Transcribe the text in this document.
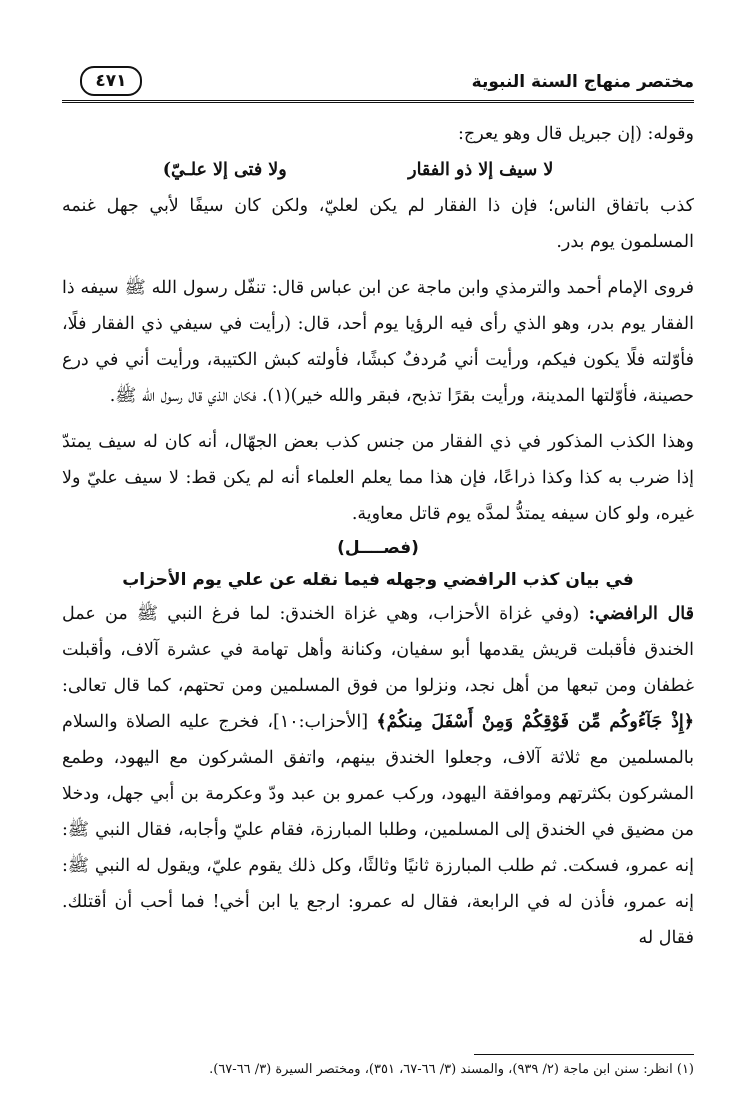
مختصر منهاج السنة النبوية
٤٧١

وقوله: (إن جبريل قال وهو يعرج:

لا سيف إلا ذو الفقار
ولا فتى إلا علـيّ)

كذب باتفاق الناس؛ فإن ذا الفقار لم يكن لعليّ، ولكن كان سيفًا لأبي جهل غنمه المسلمون يوم بدر.

فروى الإمام أحمد والترمذي وابن ماجة عن ابن عباس قال: تنفّل رسول الله ﷺ سيفه ذا الفقار يوم بدر، وهو الذي رأى فيه الرؤيا يوم أحد، قال: (رأيت في سيفي ذي الفقار فلًا، فأوّلته فلًا يكون فيكم، ورأيت أني مُردفٌ كبشًا، فأولته كبش الكتيبة، ورأيت أني في درع حصينة، فأوّلتها المدينة، ورأيت بقرًا تذبح، فبقر والله خير)(١). فكان الذي قال رسول الله ﷺ.

وهذا الكذب المذكور في ذي الفقار من جنس كذب بعض الجهّال، أنه كان له سيف يمتدّ إذا ضرب به كذا وكذا ذراعًا، فإن هذا مما يعلم العلماء أنه لم يكن قط: لا سيف عليّ ولا غيره، ولو كان سيفه يمتدُّ لمدَّه يوم قاتل معاوية.

(فصــــل)
في بيان كذب الرافضي وجهله فيما نقله عن علي يوم الأحزاب

قال الرافضي: (وفي غزاة الأحزاب، وهي غزاة الخندق: لما فرغ النبي ﷺ من عمل الخندق فأقبلت قريش يقدمها أبو سفيان، وكنانة وأهل تهامة في عشرة آلاف، وأقبلت غطفان ومن تبعها من أهل نجد، ونزلوا من فوق المسلمين ومن تحتهم، كما قال تعالى: ﴿إِذْ جَآءُوكُم مِّن فَوْقِكُمْ وَمِنْ أَسْفَلَ مِنكُمْ﴾ [الأحزاب:١٠]، فخرج عليه الصلاة والسلام بالمسلمين مع ثلاثة آلاف، وجعلوا الخندق بينهم، واتفق المشركون مع اليهود، وطمع المشركون بكثرتهم وموافقة اليهود، وركب عمرو بن عبد ودّ وعكرمة بن أبي جهل، ودخلا من مضيق في الخندق إلى المسلمين، وطلبا المبارزة، فقام عليّ وأجابه، فقال النبي ﷺ: إنه عمرو، فسكت. ثم طلب المبارزة ثانيًا وثالثًا، وكل ذلك يقوم عليّ، ويقول له النبي ﷺ: إنه عمرو، فأذن له في الرابعة، فقال له عمرو: ارجع يا ابن أخي! فما أحب أن أقتلك. فقال له

(١) انظر: سنن ابن ماجة (٢/ ٩٣٩)، والمسند (٣/ ٦٦-٦٧، ٣٥١)، ومختصر السيرة (٣/ ٦٦-٦٧).
